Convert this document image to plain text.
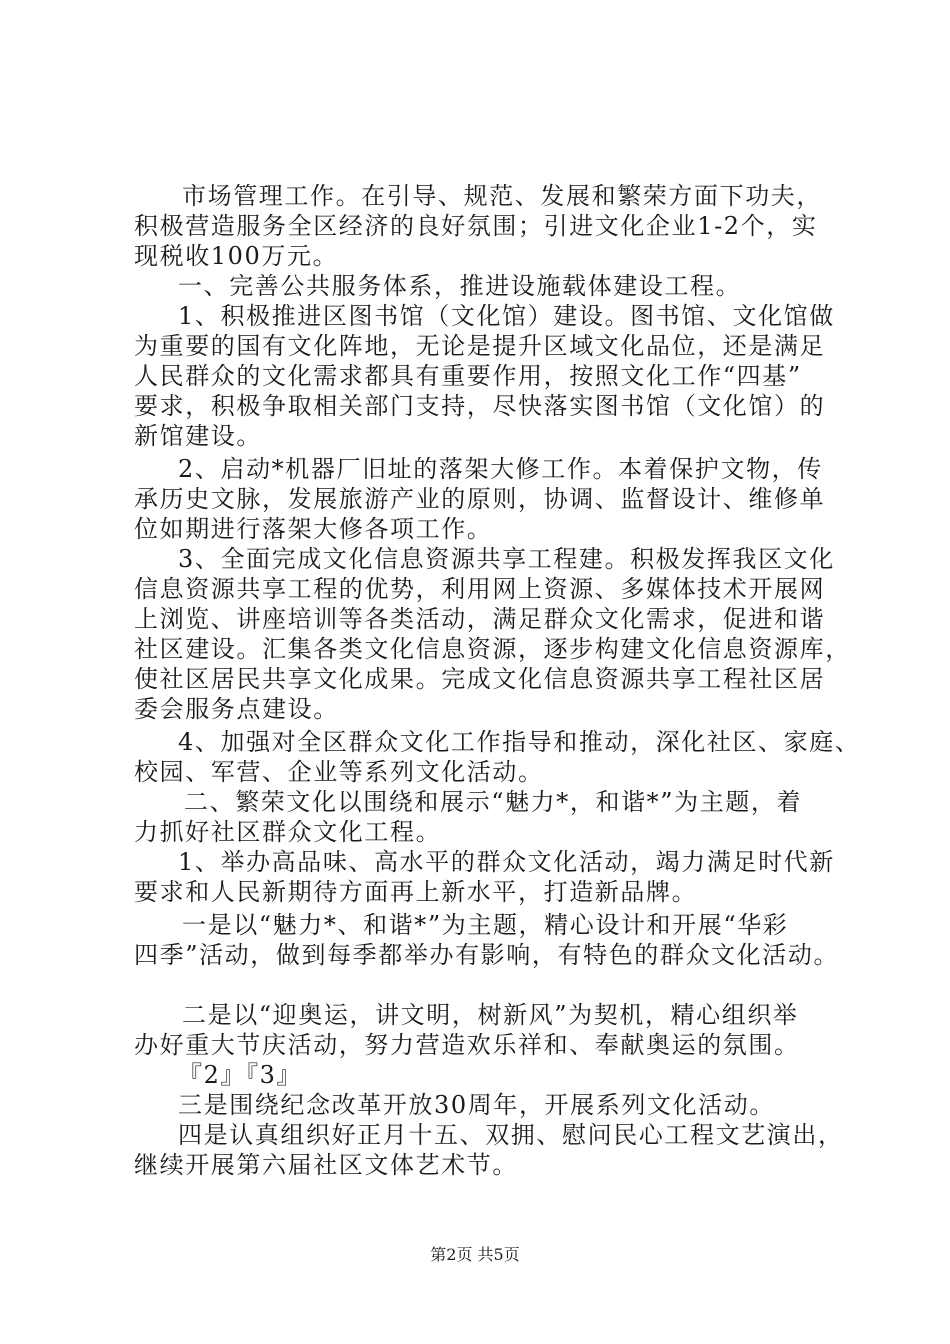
市场管理工作。在引导、规范、发展和繁荣方面下功夫，
积极营造服务全区经济的良好氛围；引进文化企业1-2个，实
现税收100万元。
一、完善公共服务体系，推进设施载体建设工程。
1、积极推进区图书馆（文化馆）建设。图书馆、文化馆做
为重要的国有文化阵地，无论是提升区域文化品位，还是满足
人民群众的文化需求都具有重要作用，按照文化工作“四基”
要求，积极争取相关部门支持，尽快落实图书馆（文化馆）的
新馆建设。
2、启动*机器厂旧址的落架大修工作。本着保护文物，传
承历史文脉，发展旅游产业的原则，协调、监督设计、维修单
位如期进行落架大修各项工作。
3、全面完成文化信息资源共享工程建。积极发挥我区文化
信息资源共享工程的优势，利用网上资源、多媒体技术开展网
上浏览、讲座培训等各类活动，满足群众文化需求，促进和谐
社区建设。汇集各类文化信息资源，逐步构建文化信息资源库，
使社区居民共享文化成果。完成文化信息资源共享工程社区居
委会服务点建设。
4、加强对全区群众文化工作指导和推动，深化社区、家庭、
校园、军营、企业等系列文化活动。
二、繁荣文化以围绕和展示“魅力*，和谐*”为主题，着
力抓好社区群众文化工程。
1、举办高品味、高水平的群众文化活动，竭力满足时代新
要求和人民新期待方面再上新水平，打造新品牌。
一是以“魅力*、和谐*”为主题，精心设计和开展“华彩
四季”活动，做到每季都举办有影响，有特色的群众文化活动。
二是以“迎奥运，讲文明，树新风”为契机，精心组织举
办好重大节庆活动，努力营造欢乐祥和、奉献奥运的氛围。
『2』『3』
三是围绕纪念改革开放30周年，开展系列文化活动。
四是认真组织好正月十五、双拥、慰问民心工程文艺演出，
继续开展第六届社区文体艺术节。
第2页 共5页
